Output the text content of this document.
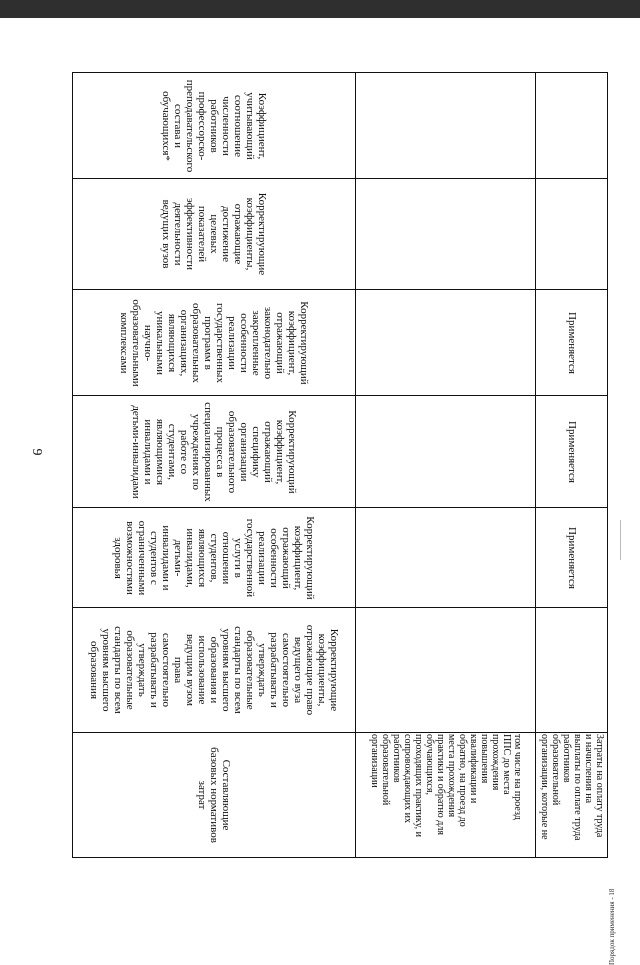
9
Коэффициент,
учитывающий
соотношение
численности
работников
профессорско-
преподавательского
состава и
обучающихся*
Корректирующие
коэффициенты,
отражающие
достижение
целевых
показателей
эффективности
деятельности
ведущих вузов
Корректирующий
коэффициент,
отражающий
законодательно
закрепленные
особенности
реализации
государственных
программ в
образовательных
организациях,
являющихся
уникальными
научно-
образовательными
комплексами
Корректирующий
коэффициент,
отражающий
специфику
организации
образовательного
процесса в
специализированных
учреждениях по
работе со
студентами,
являющимися
инвалидами и
детьми-инвалидами
Корректирующий
коэффициент,
отражающий
особенности
реализации
государственной
услуги в
отношении
студентов,
являющихся
инвалидами,
детьми-
инвалидами и
студентов с
ограниченными
возможностями
здоровья
Корректирующие
коэффициенты,
отражающие право
ведущего вуза
самостоятельно
разрабатывать и
утверждать
образовательные
стандарты по всем
уровням высшего
образования и
использование
ведущим вузом
права
самостоятельно
разрабатывать и
утверждать
образовательные
стандарты по всем
уровням высшего
образования
Составляющие
базовых нормативов
затрат
том числе на проезд
ППС до места
прохождения
повышения
квалификации и
обратно, на проезд до
места прохождения
практики и обратно для
обучающихся,
проходящих практику, и
сопровождающих их
работников
образовательной
организации
Применяется
Применяется
Применяется
Затраты на оплату труда
и начисления на
выплаты по оплате труда
работников
образовательной
организации, которые не
Порядок применения - 18
